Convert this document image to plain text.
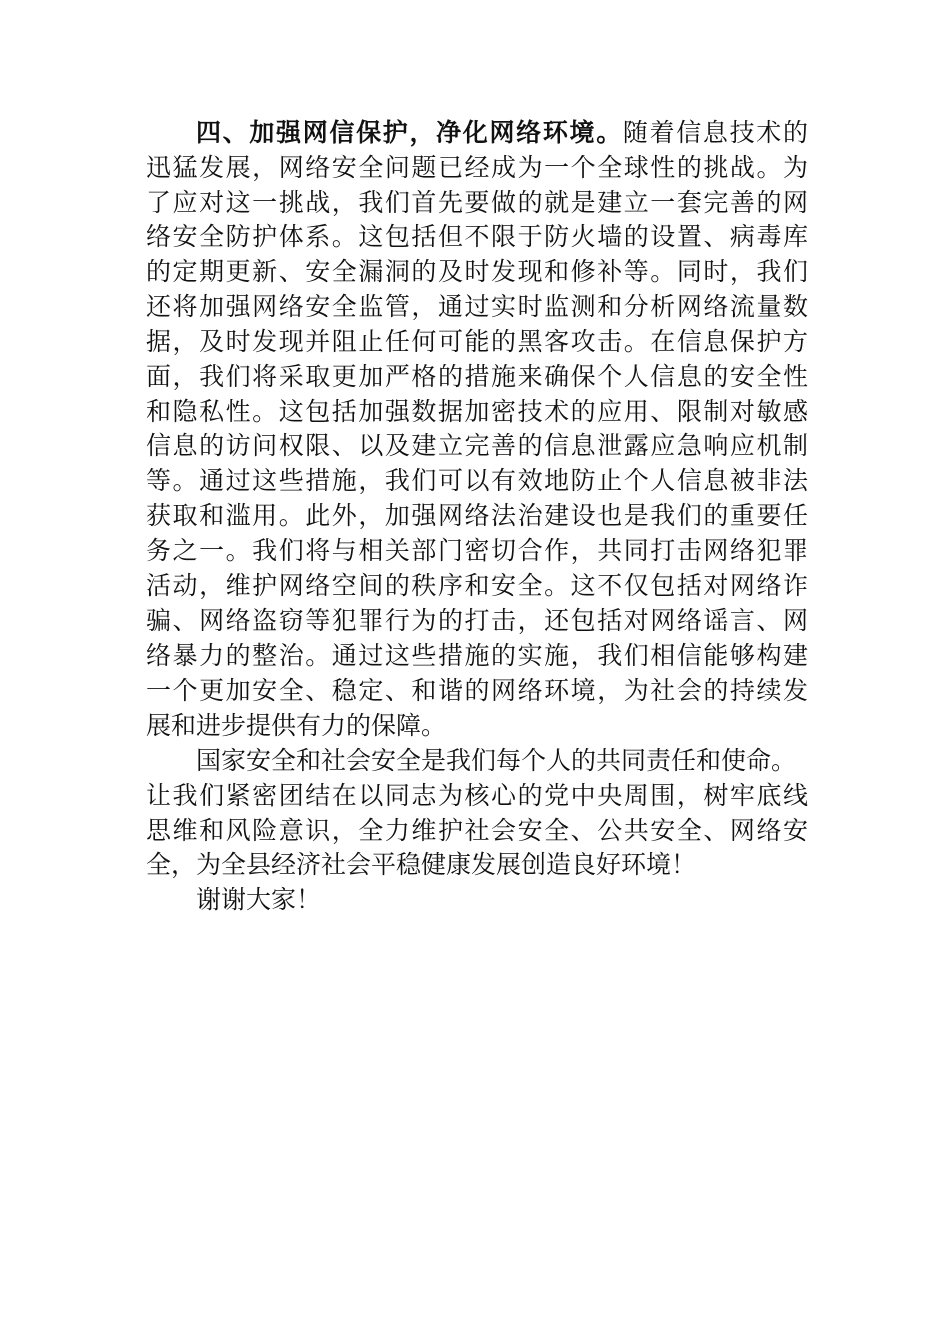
四、加强网信保护，净化网络环境。随着信息技术的
迅猛发展，网络安全问题已经成为一个全球性的挑战。为
了应对这一挑战，我们首先要做的就是建立一套完善的网
络安全防护体系。这包括但不限于防火墙的设置、病毒库
的定期更新、安全漏洞的及时发现和修补等。同时，我们
还将加强网络安全监管，通过实时监测和分析网络流量数
据，及时发现并阻止任何可能的黑客攻击。在信息保护方
面，我们将采取更加严格的措施来确保个人信息的安全性
和隐私性。这包括加强数据加密技术的应用、限制对敏感
信息的访问权限、以及建立完善的信息泄露应急响应机制
等。通过这些措施，我们可以有效地防止个人信息被非法
获取和滥用。此外，加强网络法治建设也是我们的重要任
务之一。我们将与相关部门密切合作，共同打击网络犯罪
活动，维护网络空间的秩序和安全。这不仅包括对网络诈
骗、网络盗窃等犯罪行为的打击，还包括对网络谣言、网
络暴力的整治。通过这些措施的实施，我们相信能够构建
一个更加安全、稳定、和谐的网络环境，为社会的持续发
展和进步提供有力的保障。
国家安全和社会安全是我们每个人的共同责任和使命。
让我们紧密团结在以同志为核心的党中央周围，树牢底线
思维和风险意识，全力维护社会安全、公共安全、网络安
全，为全县经济社会平稳健康发展创造良好环境！
谢谢大家！
